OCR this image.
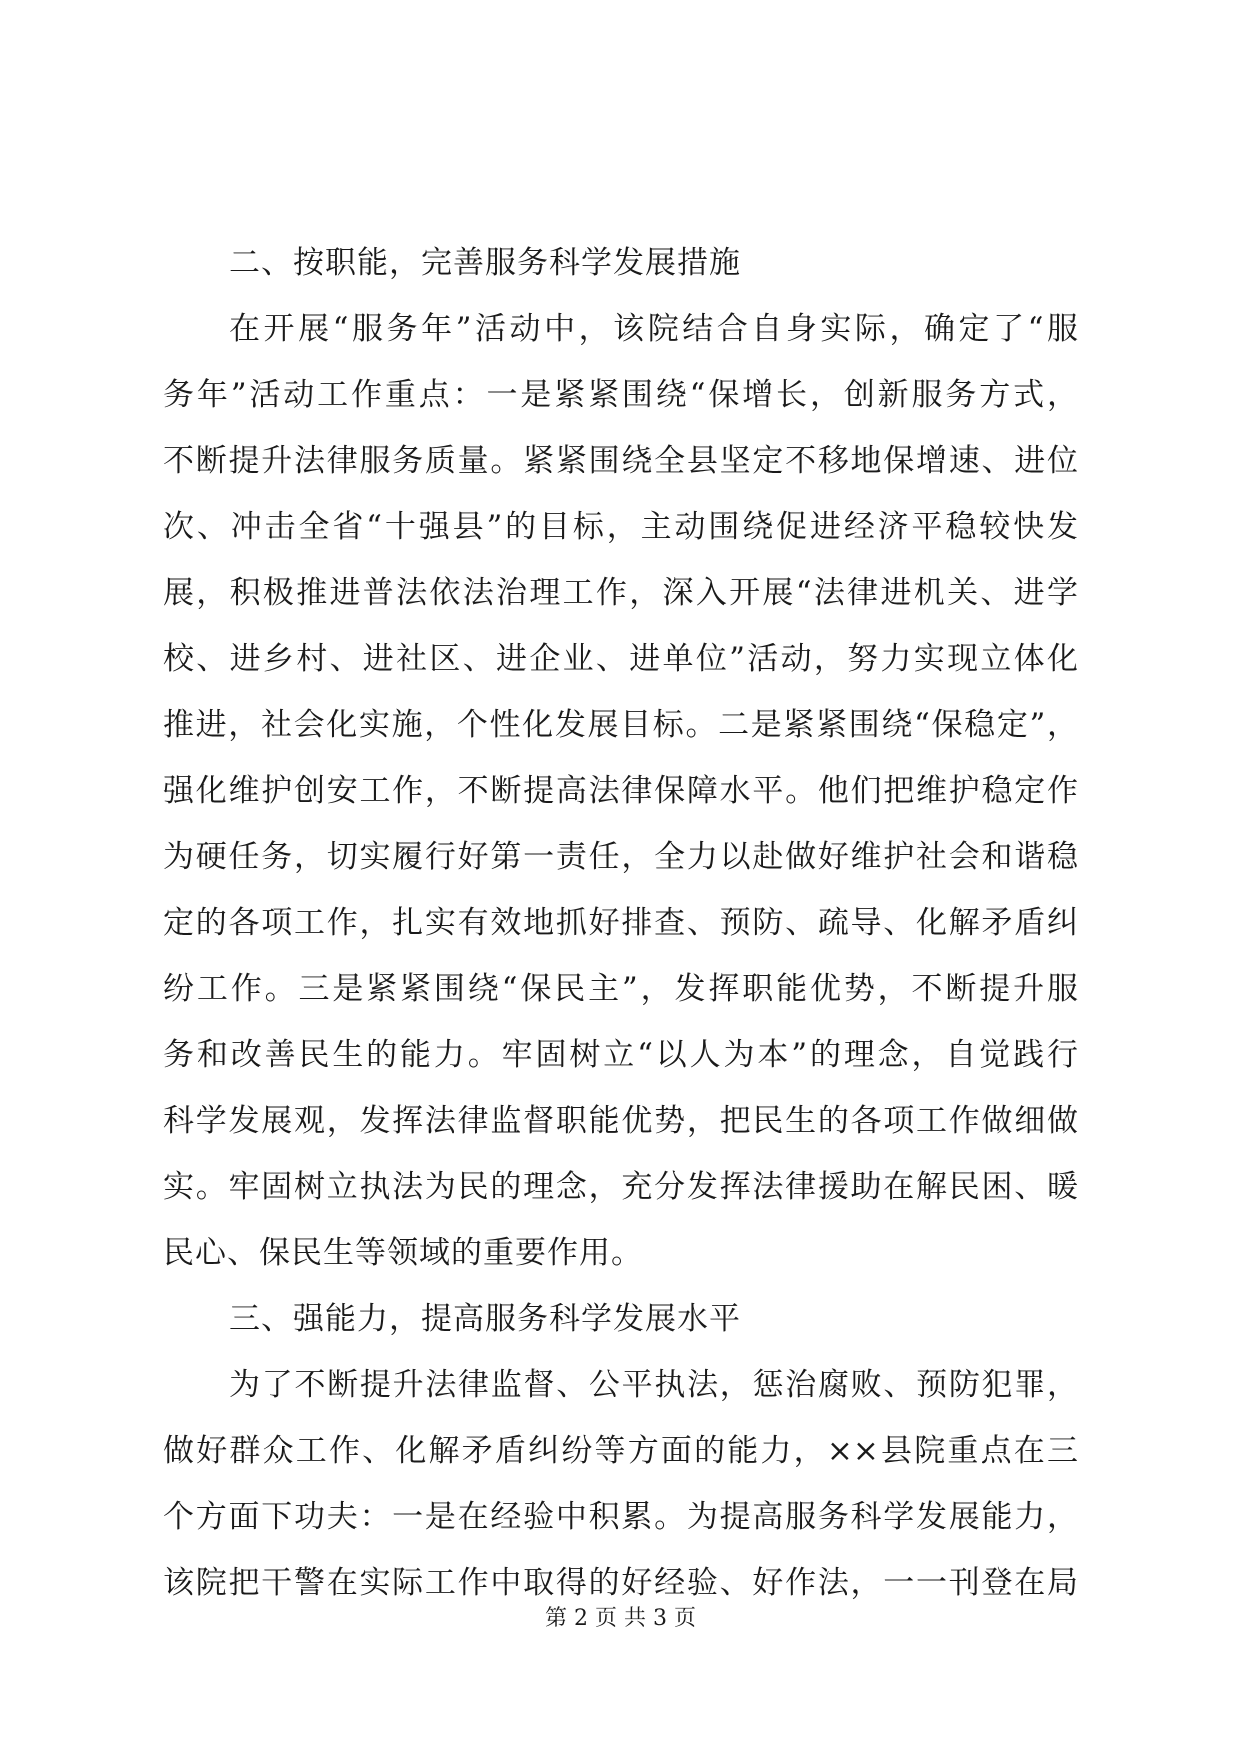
二、按职能，完善服务科学发展措施
在开展“服务年”活动中，该院结合自身实际，确定了“服
务年”活动工作重点：一是紧紧围绕“保增长，创新服务方式，
不断提升法律服务质量。紧紧围绕全县坚定不移地保增速、进位
次、冲击全省“十强县”的目标，主动围绕促进经济平稳较快发
展，积极推进普法依法治理工作，深入开展“法律进机关、进学
校、进乡村、进社区、进企业、进单位”活动，努力实现立体化
推进，社会化实施，个性化发展目标。二是紧紧围绕“保稳定”，
强化维护创安工作，不断提高法律保障水平。他们把维护稳定作
为硬任务，切实履行好第一责任，全力以赴做好维护社会和谐稳
定的各项工作，扎实有效地抓好排查、预防、疏导、化解矛盾纠
纷工作。三是紧紧围绕“保民主”，发挥职能优势，不断提升服
务和改善民生的能力。牢固树立“以人为本”的理念，自觉践行
科学发展观，发挥法律监督职能优势，把民生的各项工作做细做
实。牢固树立执法为民的理念，充分发挥法律援助在解民困、暖
民心、保民生等领域的重要作用。
三、强能力，提高服务科学发展水平
为了不断提升法律监督、公平执法，惩治腐败、预防犯罪，
做好群众工作、化解矛盾纠纷等方面的能力，××县院重点在三
个方面下功夫：一是在经验中积累。为提高服务科学发展能力，
该院把干警在实际工作中取得的好经验、好作法，一一刊登在局
第 2 页 共 3 页
